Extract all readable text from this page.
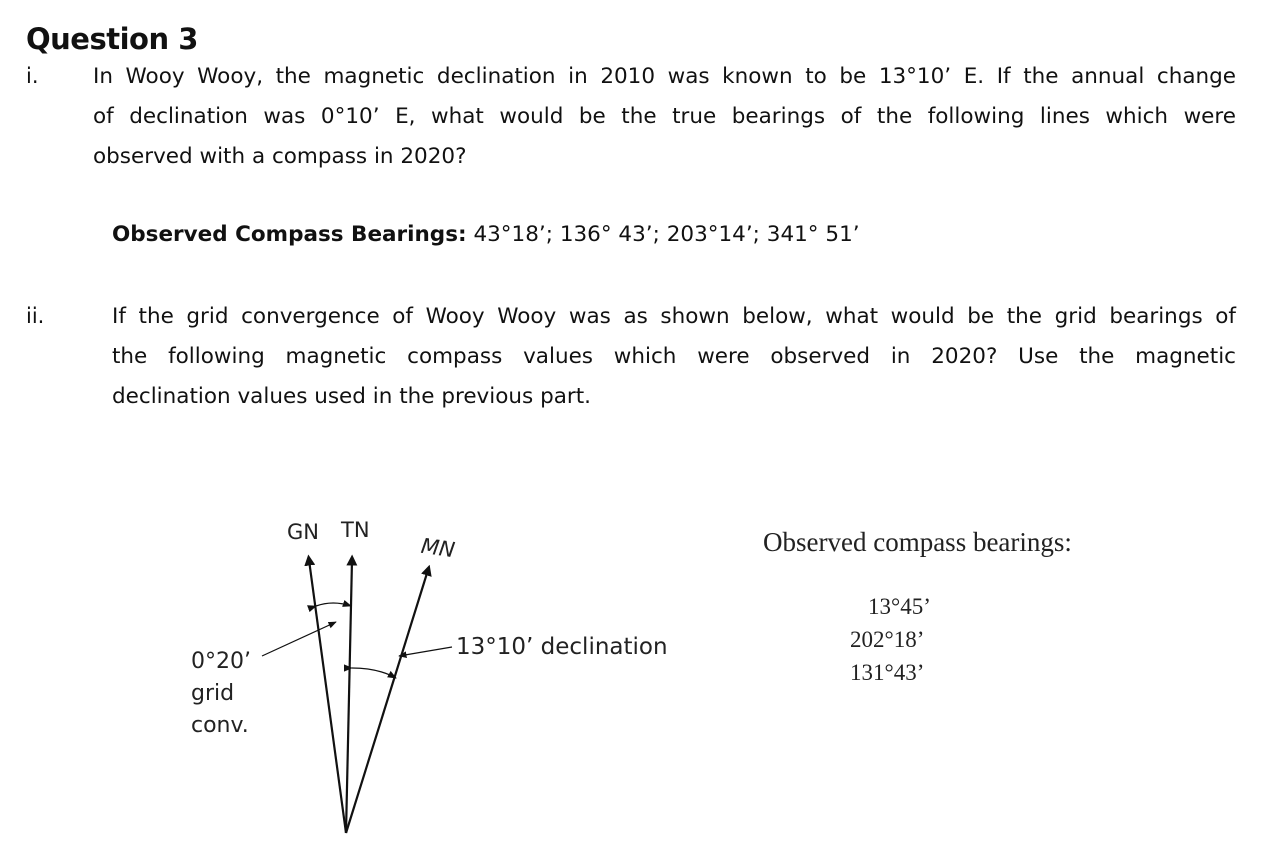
Question 3
i.	In Wooy Wooy, the magnetic declination in 2010 was known to be 13°10’ E. If the annual change
of declination was 0°10’ E, what would be the true bearings of the following lines which were
observed with a compass in 2020?
Observed Compass Bearings: 43°18’; 136° 43’; 203°14’; 341° 51’
ii.	If the grid convergence of Wooy Wooy was as shown below, what would be the grid bearings of
the following magnetic compass values which were observed in 2020? Use the magnetic
declination values used in the previous part.
GN TN
MN
0°20’
grid
conv.
13°10’ declination
Observed compass bearings:
13°45’
202°18’
131°43’
